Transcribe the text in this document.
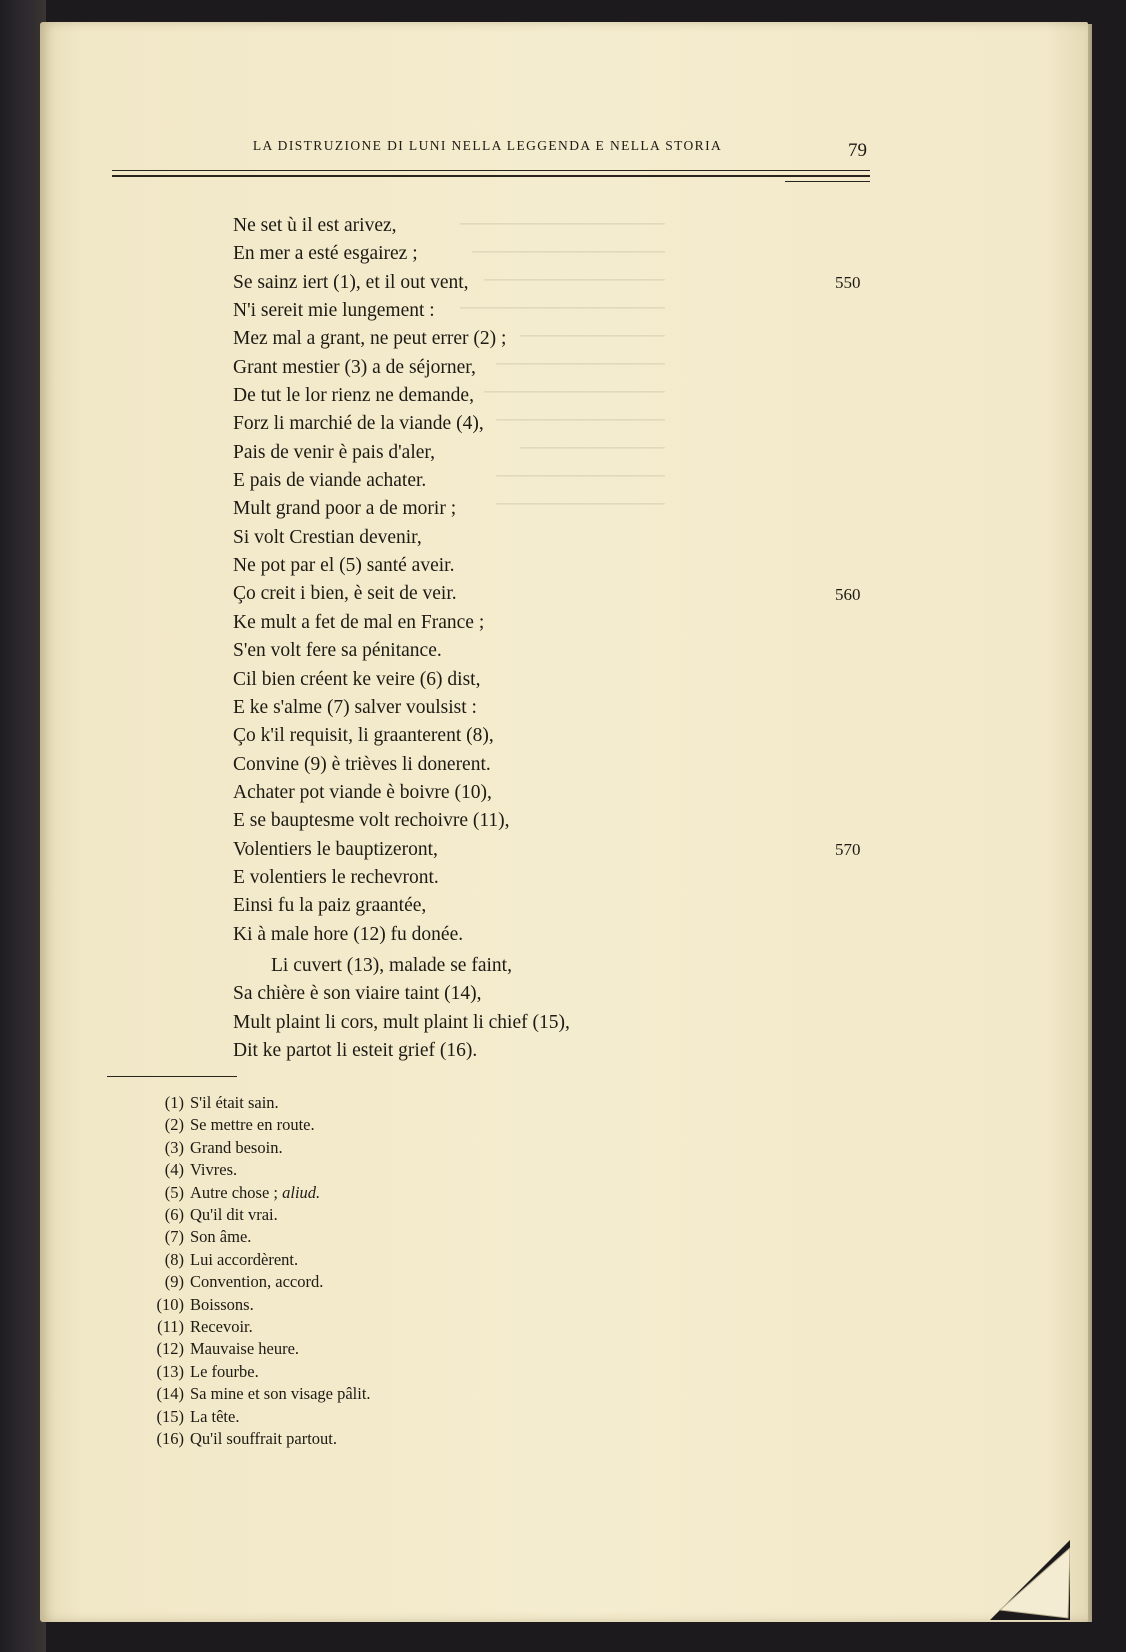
─────────────────
────────────────
───────────────
─────────────────
────────────
──────────────
───────────────
──────────────
────────────
──────────────
──────────────
LA DISTRUZIONE DI LUNI NELLA LEGGENDA E NELLA STORIA	79
Ne set ù il est arivez,
En mer a esté esgairez ;
Se sainz iert (1), et il out vent,
N'i sereit mie lungement :
Mez mal a grant, ne peut errer (2) ;
Grant mestier (3) a de séjorner,
De tut le lor rienz ne demande,
Forz li marchié de la viande (4),
Pais de venir è pais d'aler,
E pais de viande achater.
Mult grand poor a de morir ;
Si volt Crestian devenir,
Ne pot par el (5) santé aveir.
Ço creit i bien, è seit de veir.
Ke mult a fet de mal en France ;
S'en volt fere sa pénitance.
Cil bien créent ke veire (6) dist,
E ke s'alme (7) salver voulsist :
Ço k'il requisit, li graanterent (8),
Convine (9) è trièves li donerent.
Achater pot viande è boivre (10),
E se bauptesme volt rechoivre (11),
Volentiers le bauptizeront,
E volentiers le rechevront.
Einsi fu la paiz graantée,
Ki à male hore (12) fu donée.
Li cuvert (13), malade se faint,
Sa chière è son viaire taint (14),
Mult plaint li cors, mult plaint li chief (15),
Dit ke partot li esteit grief (16).
550
560
570
(1) S'il était sain.
(2) Se mettre en route.
(3) Grand besoin.
(4) Vivres.
(5) Autre chose ; aliud.
(6) Qu'il dit vrai.
(7) Son âme.
(8) Lui accordèrent.
(9) Convention, accord.
(10) Boissons.
(11) Recevoir.
(12) Mauvaise heure.
(13) Le fourbe.
(14) Sa mine et son visage pâlit.
(15) La tête.
(16) Qu'il souffrait partout.
